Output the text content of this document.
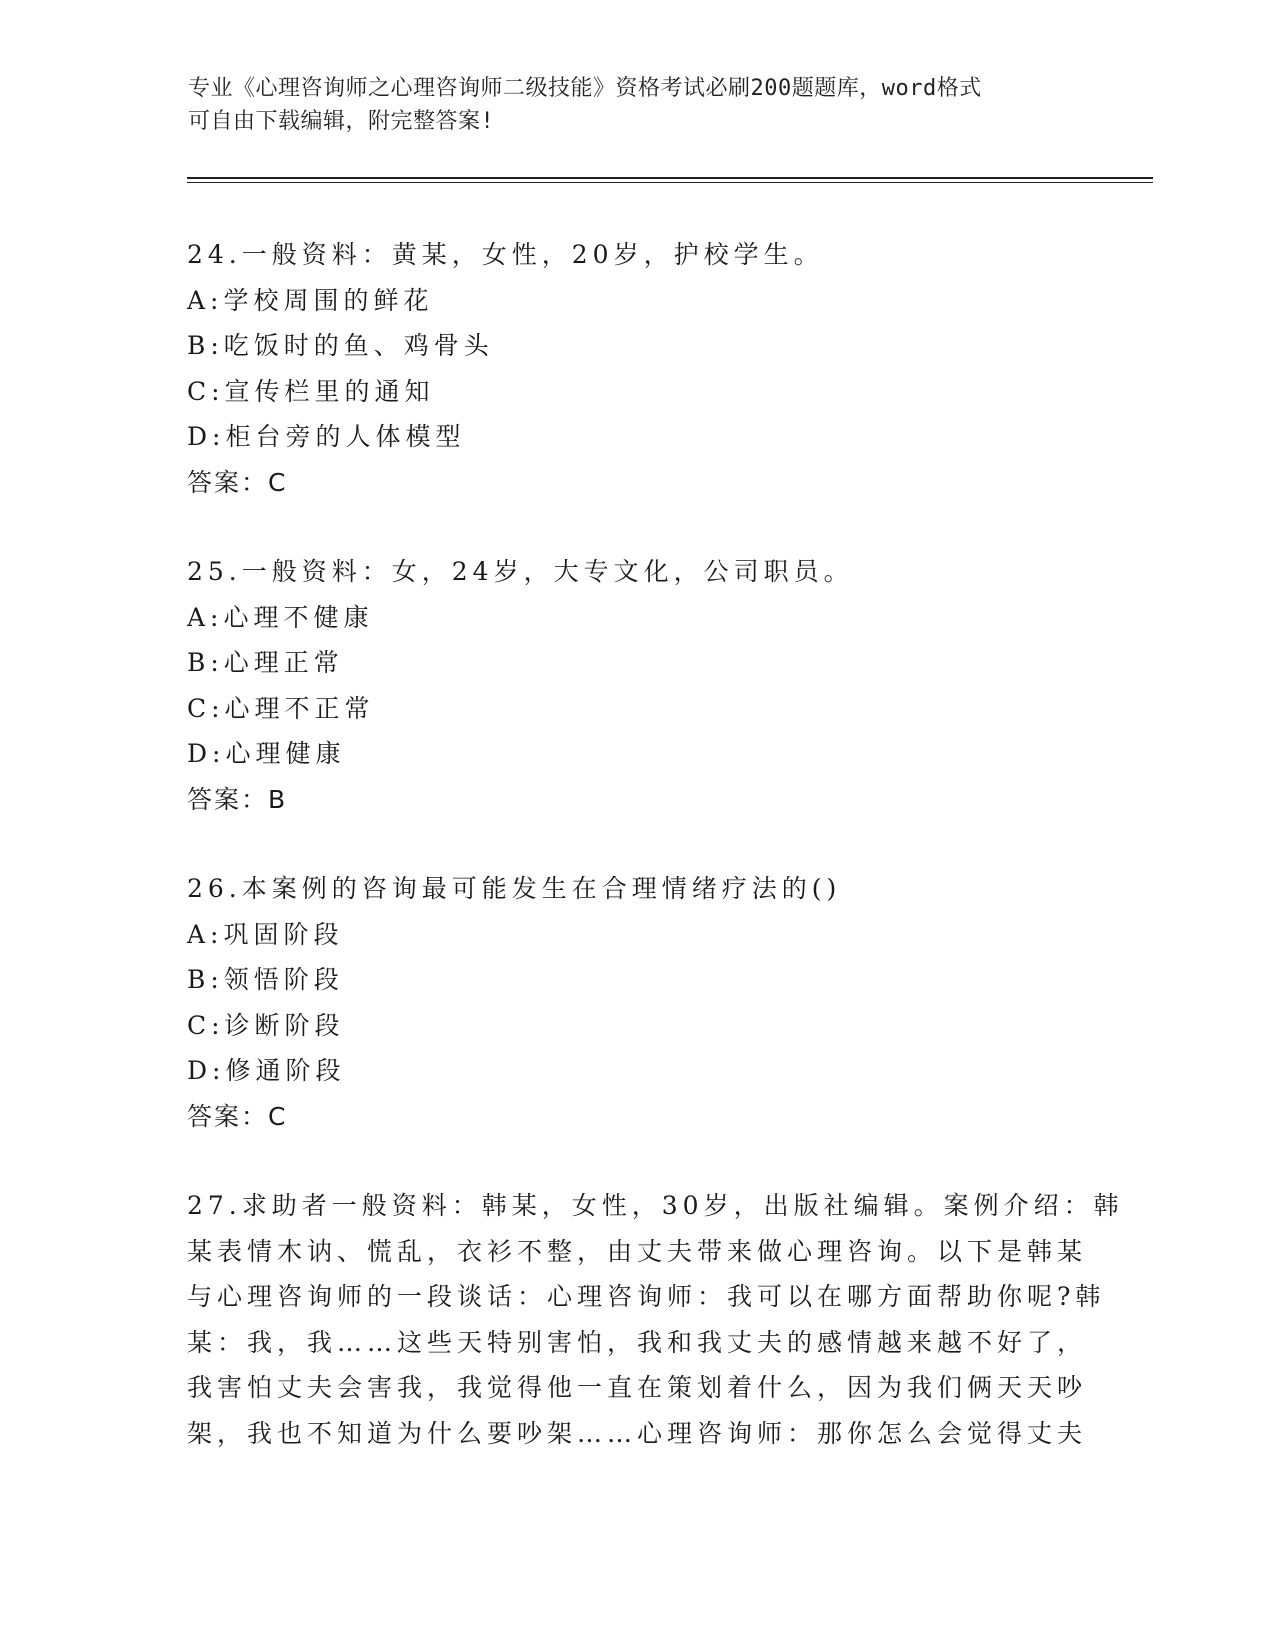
专业《心理咨询师之心理咨询师二级技能》资格考试必刷200题题库，word格式
可自由下载编辑，附完整答案!
24.一般资料：黄某，女性，20岁，护校学生。
A:学校周围的鲜花
B:吃饭时的鱼、鸡骨头
C:宣传栏里的通知
D:柜台旁的人体模型
答案：C
25.一般资料：女，24岁，大专文化，公司职员。
A:心理不健康
B:心理正常
C:心理不正常
D:心理健康
答案：B
26.本案例的咨询最可能发生在合理情绪疗法的()
A:巩固阶段
B:领悟阶段
C:诊断阶段
D:修通阶段
答案：C
27.求助者一般资料：韩某，女性，30岁，出版社编辑。案例介绍：韩
某表情木讷、慌乱，衣衫不整，由丈夫带来做心理咨询。以下是韩某
与心理咨询师的一段谈话：心理咨询师：我可以在哪方面帮助你呢?韩
某：我，我……这些天特别害怕，我和我丈夫的感情越来越不好了，
我害怕丈夫会害我，我觉得他一直在策划着什么，因为我们俩天天吵
架，我也不知道为什么要吵架……心理咨询师：那你怎么会觉得丈夫
